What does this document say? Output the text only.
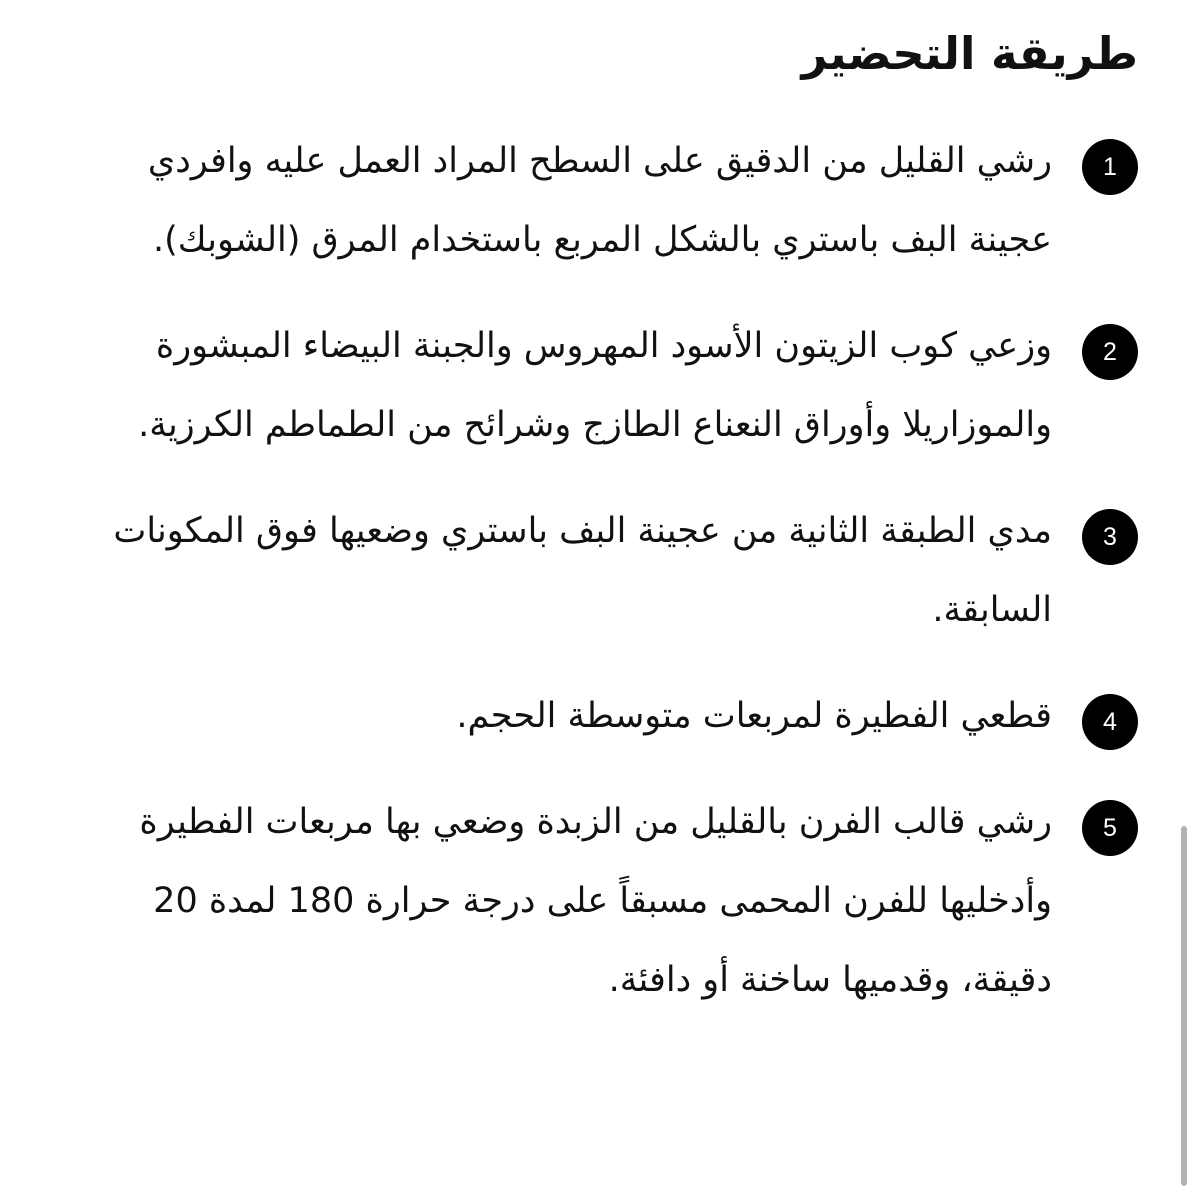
طريقة التحضير
1

رشي القليل من الدقيق على السطح المراد العمل عليه وافردي عجينة البف باستري بالشكل المربع باستخدام المرق (الشوبك).

2

وزعي كوب الزيتون الأسود المهروس والجبنة البيضاء المبشورة والموزاريلا وأوراق النعناع الطازج وشرائح من الطماطم الكرزية.

3

مدي الطبقة الثانية من عجينة البف باستري وضعيها فوق المكونات السابقة.

4

قطعي الفطيرة لمربعات متوسطة الحجم.

5

رشي قالب الفرن بالقليل من الزبدة وضعي بها مربعات الفطيرة وأدخليها للفرن المحمى مسبقاً على درجة حرارة 180 لمدة 20 دقيقة، وقدميها ساخنة أو دافئة.
